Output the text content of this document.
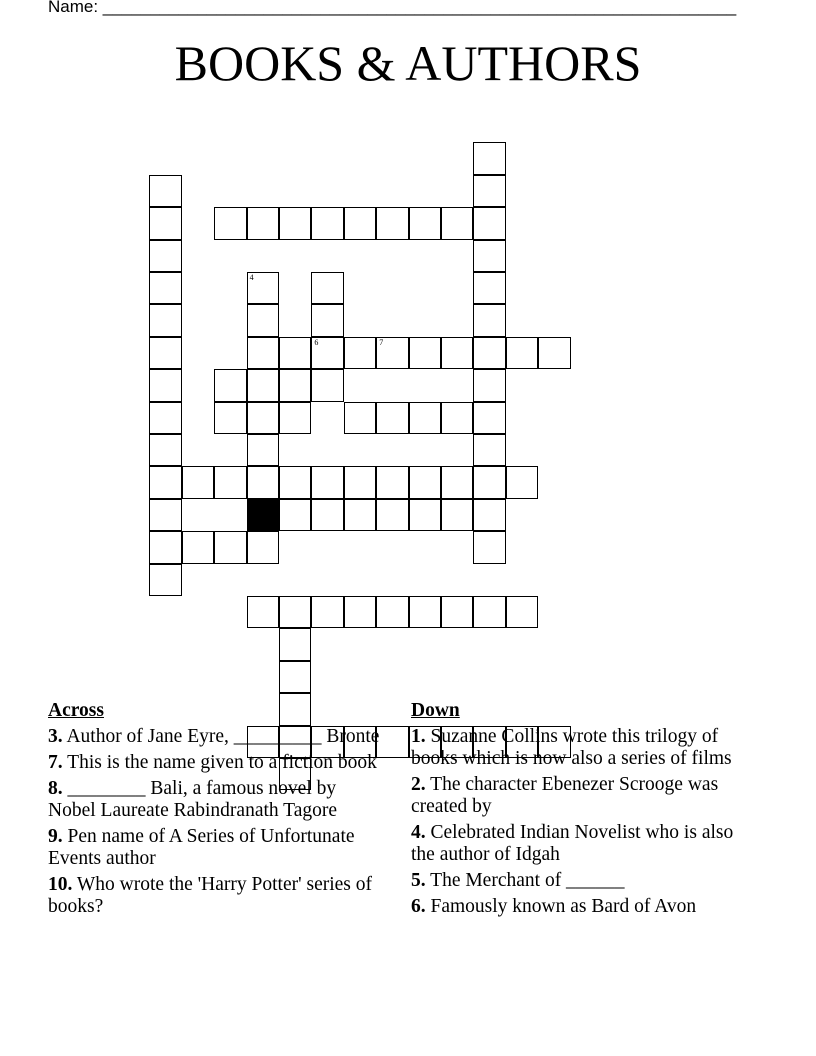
Name: ___________________________________________________________________
BOOKS & AUTHORS
4
6	7
Across
3. Author of Jane Eyre, _________ Bronte
7. This is the name given to a fiction book
8. ________ Bali, a famous novel by Nobel Laureate Rabindranath Tagore
9. Pen name of A Series of Unfortunate Events author
10. Who wrote the 'Harry Potter' series of books?
Down
1. Suzanne Collins wrote this trilogy of books which is now also a series of films
2. The character Ebenezer Scrooge was created by
4. Celebrated Indian Novelist who is also the author of Idgah
5. The Merchant of ______
6. Famously known as Bard of Avon
